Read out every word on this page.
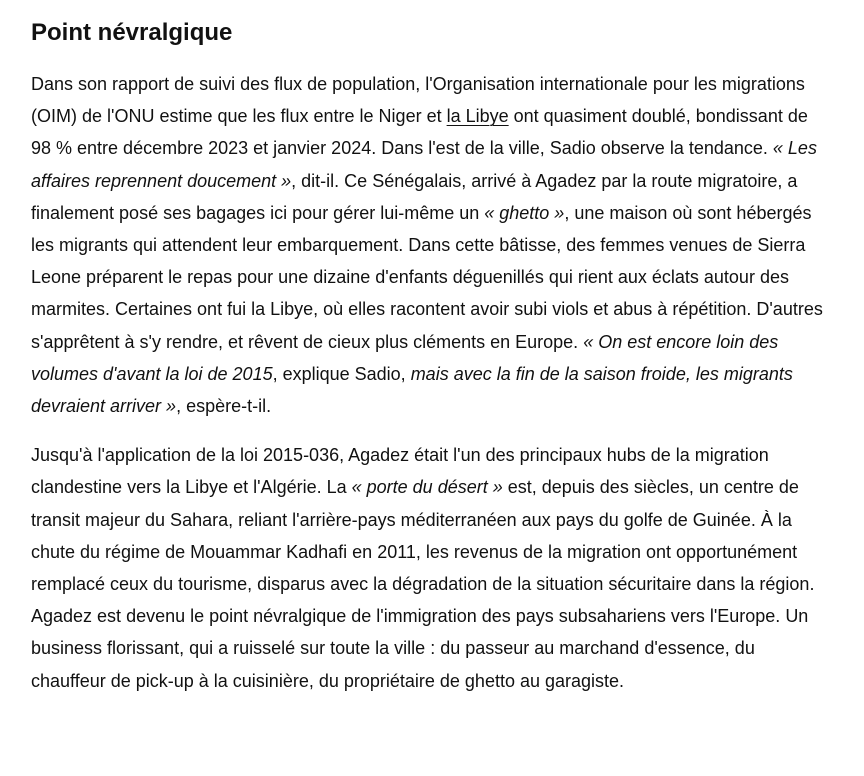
Point névralgique

Dans son rapport de suivi des flux de population, l'Organisation internationale pour les migrations (OIM) de l'ONU estime que les flux entre le Niger et la Libye ont quasiment doublé, bondissant de 98 % entre décembre 2023 et janvier 2024. Dans l'est de la ville, Sadio observe la tendance. « Les affaires reprennent doucement », dit-il. Ce Sénégalais, arrivé à Agadez par la route migratoire, a finalement posé ses bagages ici pour gérer lui-même un « ghetto », une maison où sont hébergés les migrants qui attendent leur embarquement. Dans cette bâtisse, des femmes venues de Sierra Leone préparent le repas pour une dizaine d'enfants déguenillés qui rient aux éclats autour des marmites. Certaines ont fui la Libye, où elles racontent avoir subi viols et abus à répétition. D'autres s'apprêtent à s'y rendre, et rêvent de cieux plus cléments en Europe. « On est encore loin des volumes d'avant la loi de 2015, explique Sadio, mais avec la fin de la saison froide, les migrants devraient arriver », espère-t-il.

Jusqu'à l'application de la loi 2015-036, Agadez était l'un des principaux hubs de la migration clandestine vers la Libye et l'Algérie. La « porte du désert » est, depuis des siècles, un centre de transit majeur du Sahara, reliant l'arrière-pays méditerranéen aux pays du golfe de Guinée. À la chute du régime de Mouammar Kadhafi en 2011, les revenus de la migration ont opportunément remplacé ceux du tourisme, disparus avec la dégradation de la situation sécuritaire dans la région. Agadez est devenu le point névralgique de l'immigration des pays subsahariens vers l'Europe. Un business florissant, qui a ruisselé sur toute la ville : du passeur au marchand d'essence, du chauffeur de pick-up à la cuisinière, du propriétaire de ghetto au garagiste.
